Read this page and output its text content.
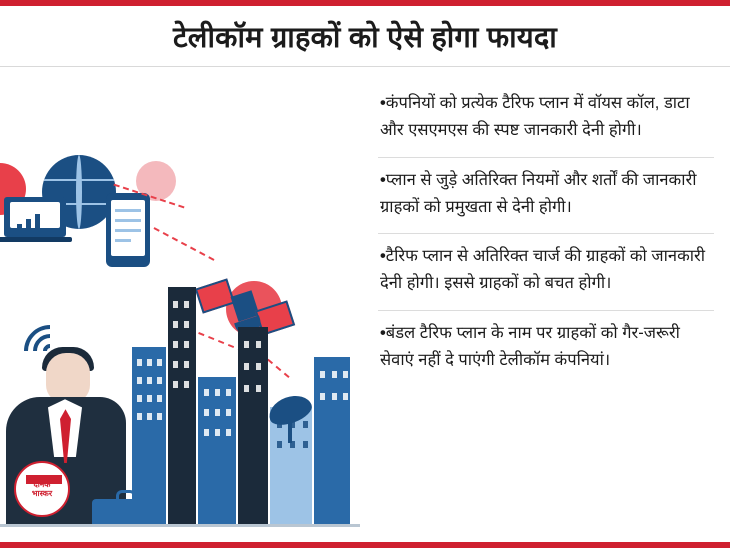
टेलीकॉम ग्राहकों को ऐसे होगा फायदा
भास्कर
•कंपनियों को प्रत्येक टैरिफ प्लान में वॉयस कॉल, डाटा और एसएमएस की स्पष्ट जानकारी देनी होगी।
•प्लान से जुड़े अतिरिक्त नियमों और शर्तों की जानकारी ग्राहकों को प्रमुखता से देनी होगी।
•टैरिफ प्लान से अतिरिक्त चार्ज की ग्राहकों को जानकारी देनी होगी। इससे ग्राहकों को बचत होगी।
•बंडल टैरिफ प्लान के नाम पर ग्राहकों को गैर-जरूरी सेवाएं नहीं दे पाएंगी टेलीकॉम कंपनियां।
